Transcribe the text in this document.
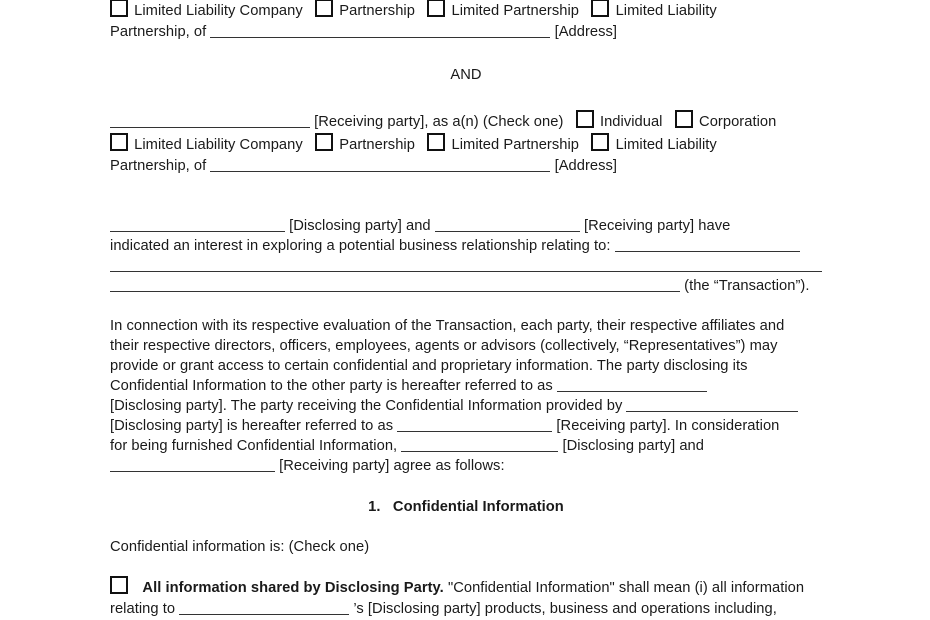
Limited Liability Company Partnership Limited Partnership Limited Liability
Partnership, of	[Address]
AND
[Receiving party], as a(n) (Check one) Individual Corporation
Limited Liability Company Partnership Limited Partnership Limited Liability
Partnership, of	[Address]
[Disclosing party] and	[Receiving party] have
indicated an interest in exploring a potential business relationship relating to:
(the “Transaction”).
In connection with its respective evaluation of the Transaction, each party, their respective affiliates and
their respective directors, officers, employees, agents or advisors (collectively, “Representatives”) may
provide or grant access to certain confidential and proprietary information. The party disclosing its
Confidential Information to the other party is hereafter referred to as
[Disclosing party]. The party receiving the Confidential Information provided by
[Disclosing party] is hereafter referred to as	[Receiving party]. In consideration
for being furnished Confidential Information,	[Disclosing party] and
[Receiving party] agree as follows:
1. Confidential Information
Confidential information is: (Check one)
All information shared by Disclosing Party. "Confidential Information" shall mean (i) all information
relating to	’s [Disclosing party] products, business and operations including,
